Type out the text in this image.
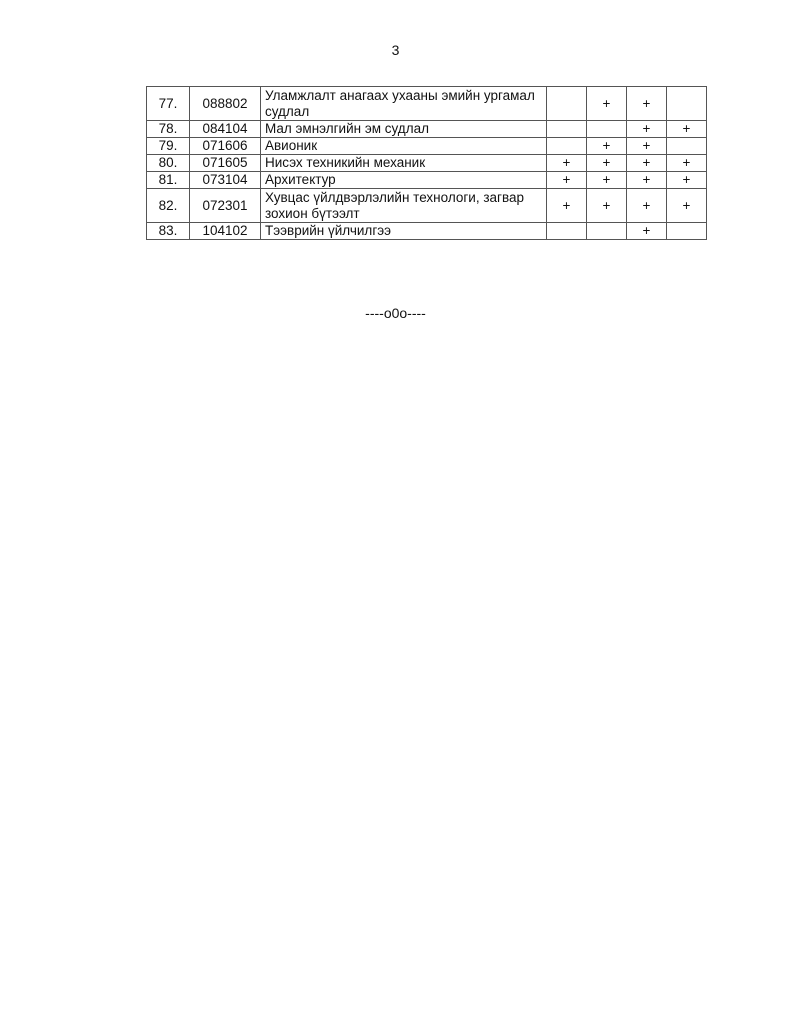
3
77.	088802	Уламжлалт анагаах ухааны эмийн ургамал судлал		+	+	
78.	084104	Мал эмнэлгийн эм судлал			+	+
79.	071606	Авионик		+	+	
80.	071605	Нисэх техникийн механик	+	+	+	+
81.	073104	Архитектур	+	+	+	+
82.	072301	Хувцас үйлдвэрлэлийн технологи, загвар зохион бүтээлт	+	+	+	+
83.	104102	Тээврийн үйлчилгээ			+	
----o0o----
